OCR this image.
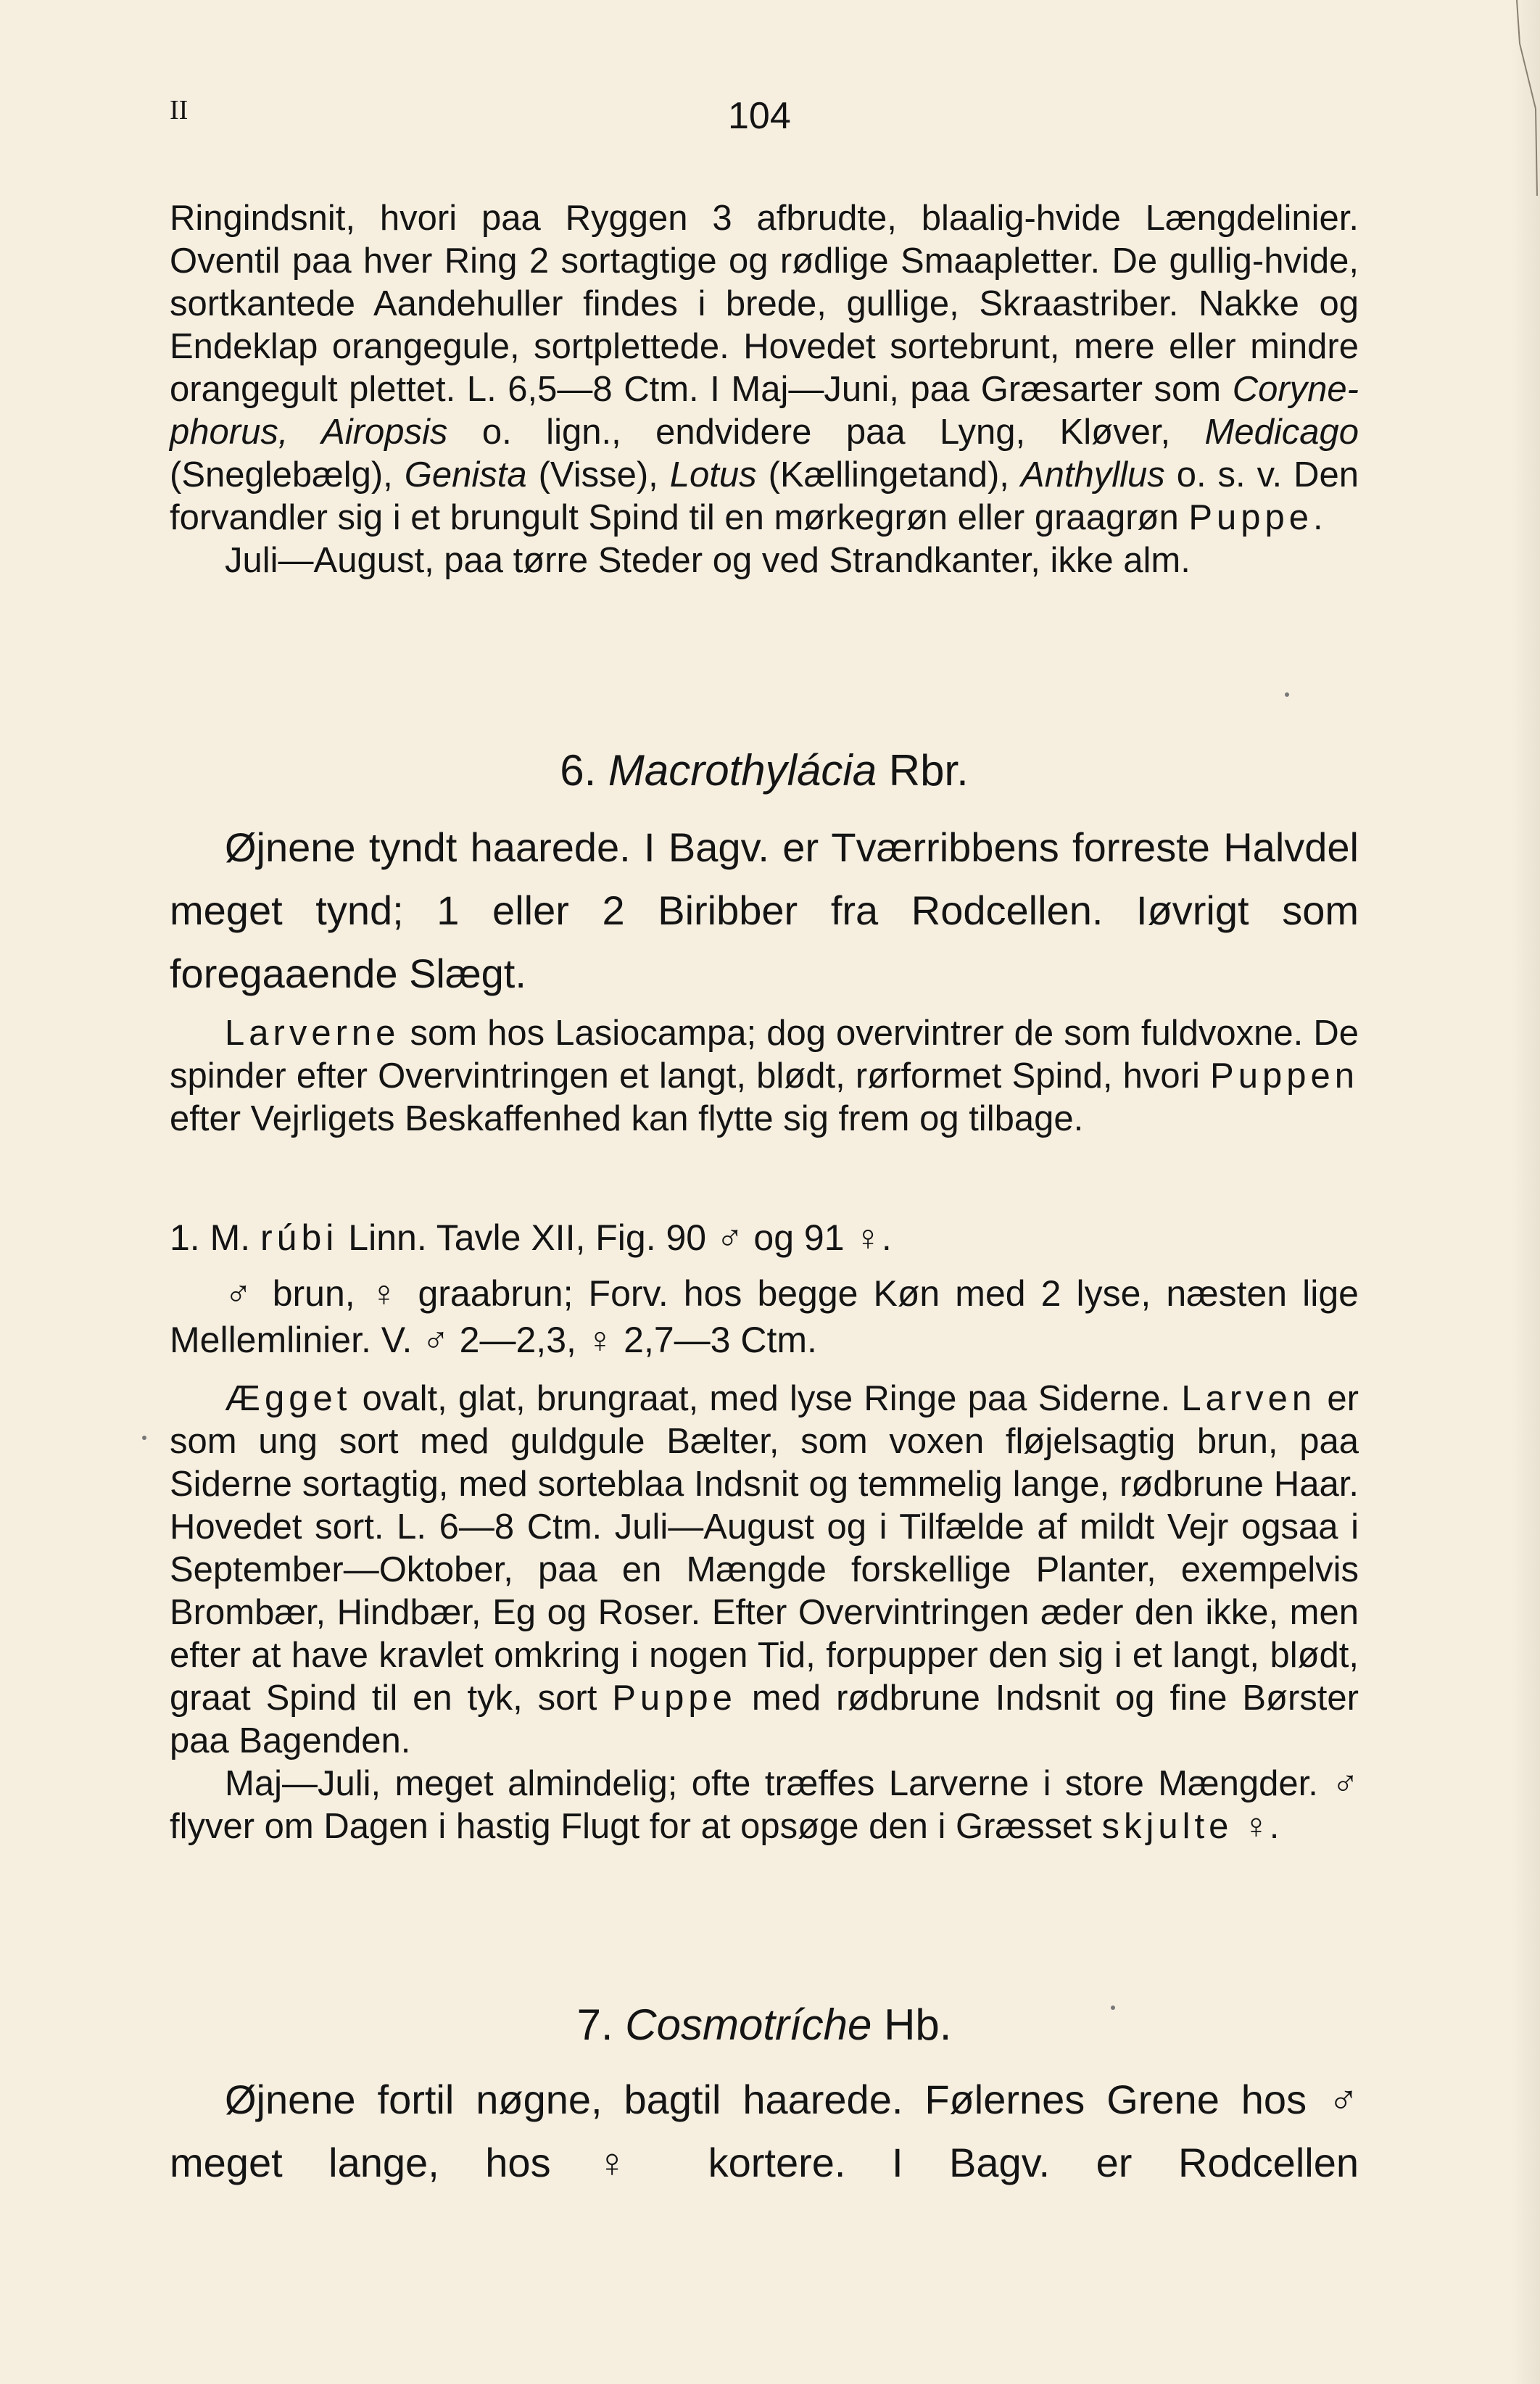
II	104

Ringindsnit, hvori paa Ryggen 3 afbrudte, blaalig-hvide Længdelinier. Oventil paa hver Ring 2 sortagtige og rødlige Smaapletter. De gullig-hvide, sortkantede Aandehuller findes i brede, gullige, Skraastriber. Nakke og Endeklap orangegule, sortplettede. Hovedet sortebrunt, mere eller mindre orangegult plettet. L. 6,5—8 Ctm. I Maj—Juni, paa Græsarter som Corynephorus, Airopsis o. lign., endvidere paa Lyng, Kløver, Medicago (Sneglebælg), Genista (Visse), Lotus (Kællingetand), Anthyllus o. s. v. Den forvandler sig i et brungult Spind til en mørkegrøn eller graagrøn Puppe.

Juli—August, paa tørre Steder og ved Strandkanter, ikke alm.

6. Macrothylácia Rbr.

Øjnene tyndt haarede. I Bagv. er Tværribbens forreste Halvdel meget tynd; 1 eller 2 Biribber fra Rodcellen. Iøvrigt som foregaaende Slægt.

Larverne som hos Lasiocampa; dog overvintrer de som fuldvoxne. De spinder efter Overvintringen et langt, blødt, rørformet Spind, hvori Puppen efter Vejrligets Beskaffenhed kan flytte sig frem og tilbage.

1. M. rúbi Linn. Tavle XII, Fig. 90 ♂ og 91 ♀.

♂ brun, ♀ graabrun; Forv. hos begge Køn med 2 lyse, næsten lige Mellemlinier. V. ♂ 2—2,3, ♀ 2,7—3 Ctm.

Ægget ovalt, glat, brungraat, med lyse Ringe paa Siderne. Larven er som ung sort med guldgule Bælter, som voxen fløjelsagtig brun, paa Siderne sortagtig, med sorteblaa Indsnit og temmelig lange, rødbrune Haar. Hovedet sort. L. 6—8 Ctm. Juli—August og i Tilfælde af mildt Vejr ogsaa i September—Oktober, paa en Mængde forskellige Planter, exempelvis Brombær, Hindbær, Eg og Roser. Efter Overvintringen æder den ikke, men efter at have kravlet omkring i nogen Tid, forpupper den sig i et langt, blødt, graat Spind til en tyk, sort Puppe med rødbrune Indsnit og fine Børster paa Bagenden.

Maj—Juli, meget almindelig; ofte træffes Larverne i store Mængder. ♂ flyver om Dagen i hastig Flugt for at opsøge den i Græsset skjulte ♀.

7. Cosmotríche Hb.

Øjnene fortil nøgne, bagtil haarede. Følernes Grene hos ♂ meget lange, hos ♀ kortere. I Bagv. er Rodcellen
